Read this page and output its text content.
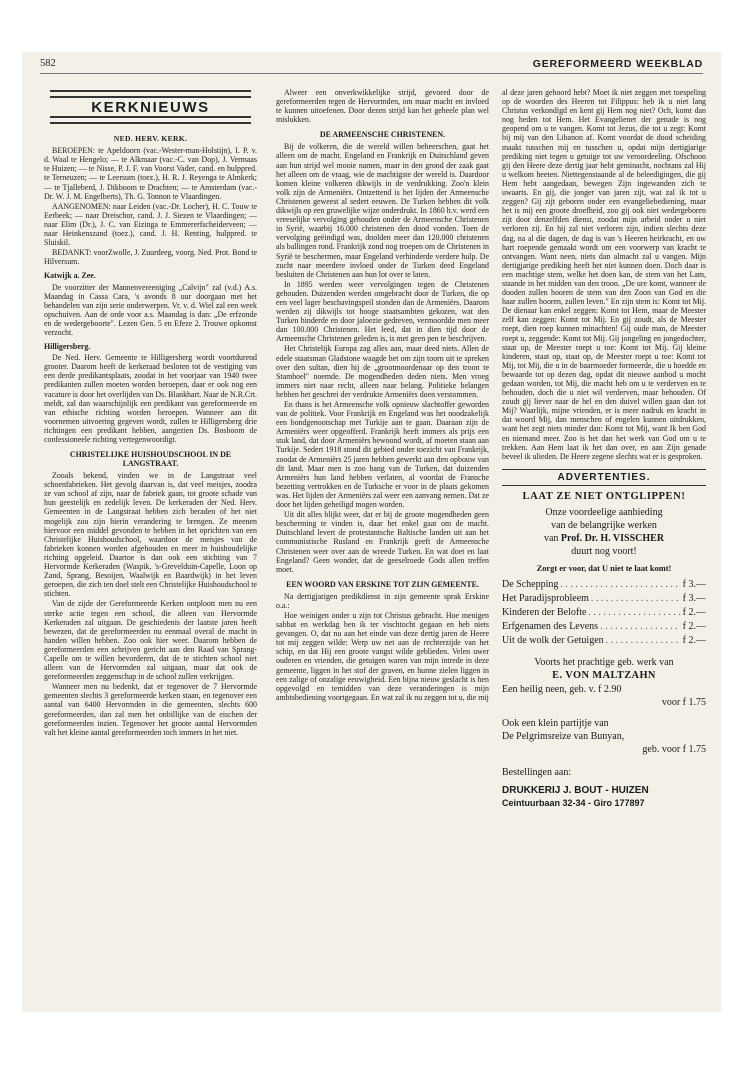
582	GEREFORMEERD WEEKBLAD
KERKNIEUWS
NED. HERV. KERK.

BEROEPEN: te Apeldoorn (vac.-Wester-man-Holstijn), I. P. v. d. Waal te Hengelo; — te Alkmaar (vac.-C. van Dop), J. Vermaas te Huizen; — te Nisse, P. J. F. van Voorst Vader, cand. en hulppred. te Terneuzen; — te Leersum (toez.), H. R. J. Reyenga te Almkerk; — te Tjalleberd, J. Dikboom te Drachten; — te Amsterdam (vac.-Dr. W. J. M. Engelberts), Th. G. Tonnon te Vlaardingen.

AANGENOMEN: naar Leiden (vac.-Dr. Locher), H. C. Touw te Eerbeek; — naar Dreischor, cand. J. J. Siezen te Vlaardingen; — naar Elim (Dr.), J. C. van Eizinga te Emmererfscheiderveen; — naar Heinkenszand (toez.), cand. J. H. Renting, hulppred. te Sluiskil.

BEDANKT: voorZwolle, J. Zuurdeeg, voorg. Ned. Prot. Bond te Hilversum.

Katwijk a. Zee.

De voorzitter der Mannenvereeniging „Calvijn" zal (v.d.) A.s. Maandag in Cassa Cara, 's avonds 8 uur doorgaan met het behandelen van zijn serie onderwerpen. Vr. v. d. Wiel zal een week opschuiven. Aan de orde voor a.s. Maandag is dan: „De erfzonde en de wedergeboorte". Lezen Gen. 5 en Efeze 2. Trouwe opkomst verzocht.

Hilligersberg.

De Ned. Herv. Gemeente te Hilligersberg wordt voortdurend grooter. Daarom heeft de kerkeraad besloten tot de vestiging van een derde predikantsplaats, zoodat in het voorjaar van 1940 twee predikanten zullen moeten worden beroepen, daar er ook nog een vacature is door het overlijden van Ds. Blankhart. Naar de N.R.Crt. meldt, zal dan waarschijnlijk een predikant van gereformeerde en van ethische richting worden beroepen. Wanneer aan dit voornemen uitvoering gegeven wordt, zullen te Hilligersberg drie richtingen een predikant hebben, aangezien Ds. Bosboom de confessioneele richting vertegenwoordigt.

CHRISTELIJKE HUISHOUDSCHOOL IN DE LANGSTRAAT.

Zooals bekend, vinden we in de Langstraat veel schoenfabrieken. Het gevolg daarvan is, dat veel meisjes, zoodra ze van school af zijn, naar de fabriek gaan, tot groote schade van hun geestelijk en zedelijk leven. De kerkeraden der Ned. Herv. Gemeenten in de Langstraat hebben zich beraden of het niet mogelijk zou zijn hierin verandering te brengen. Ze meenen hiervoor een middel gevonden te hebben in het oprichten van een Christelijke Huishoudschool, waardoor de meisjes van de fabrieken konnen worden afgehouden en meer in huishoudelijke richting opgeleid. Daartoe is dan ook een stichting van 7 Hervormde Kerkeraden (Waspik, 's-Grevelduin-Capelle, Loon op Zand, Sprang, Besoijen, Waalwijk en Baardwijk) in het leven geroepen, die zich ten doel stelt een Christelijke Huishoudschool te stichten.

Van de zijde der Gereformeerde Kerken ontploott men nu een sterke actie tegen een school, die alleen van Hervormde Kerkeraden zal uitgaan. De geschiedenis der laatste jaren heeft bewezen, dat de gereformeerden nu eenmaal overal de macht in handen willen hebben. Zoo ook hier weer. Daarom hebben de gereformeerden een schrijven gericht aan den Raad van Sprang-Capelle om te willen bevorderen, dat de te stichten school niet alleen van de Hervormden zal uitgaan, maar dat ook de gereformeerden zeggenschap in de school zullen verkrijgen.

Wanneer men nu bedenkt, dat er tegenover de 7 Hervormde gemeenten slechts 3 gereformeerde kerken staan, en tegenover een aantal van 6400 Hervormden in die gemeenten, slechts 600 gereformeerden, dan zal men het onbillijke van de eischen der gereformeerden inzien. Tegenover het groote aantal Hervormden valt het kleine aantal gereformeerden toch immers in het niet.

Alweer een onverkwikkelijke strijd, gevoerd door de gereformeerden tegen de Hervormden, om maar macht en invloed te kunnen uitoefenen. Door dezen strijd kan het geheele plan wel mislukken.

DE ARMEENSCHE CHRISTENEN.

Bij de volkeren, die de wereld willen beheerschen, gaat het alleen om de macht. Engeland en Frankrijk en Duitschland geven aan hun strijd wel mooie namen, maar in den grond der zaak gaat het alleen om de vraag, wie de machtigste der wereld is. Daardoor komen kleine volkeren dikwijls in de verdrukking. Zoo'n klein volk zijn de Armeniërs. Ontzettend is het lijden der Armeensche Christenen geweest al sedert eeuwen. De Turken hebben dit volk dikwijls op een gruwelijke wijze onderdrukt. In 1860 h.v. werd een vreeselijke vervolging gehouden onder de Armeensche Christenen in Syrië, waarbij 16.000 christenen den dood vonden. Toen de vervolging geëindigd was, doolden meer dan 120.000 christenen als ballingen rond. Frankrijk zond nog troepen om de Christenen in Syrië te beschermen, maar Engeland verhinderde verdere hulp. De zucht naar meerdere invloed onder de Turken deed Engeland besluiten de Christenen aan hun lot over te laten.

In 1895 werden weer vervolgingen tegen de Christenen gehouden. Duizenden werden omgebracht door de Turken, die op een veel lager beschavingspeil stonden dan de Armeniërs. Daarom werden zij dikwijls tot hooge staatsambten gekozen, wat den Turken hinderde en door jaloezie gedreven, vermoordde men meer dan 100.000 Christenen. Het leed, dat in dien tijd door de Armeensche Christenen geleden is, is met geen pen te beschrijven.

Het Christelijk Europa zag alles aan, maar deed niets. Allen de edele staatsman Gladstone waagde het om zijn toorn uit te spreken over den sultan, dien hij de „grootmoordenaar op den troon te Stamboel" noemde. De mogendheden deden niets. Men vroeg immers niet naar recht, alleen naar belang. Politieke belangen hebben het geschrei der verdrukte Armeniërs doen verstommen.

En thans is het Armeensche volk opnieuw slachtoffer geworden van de politiek. Voor Frankrijk en Engeland was het noodzakelijk een bondgenootschap met Turkije aan te gaan. Daaraan zijn de Armeniërs weer opgeofferd. Frankrijk heeft immers als prijs een stuk land, dat door Armeniërs bewoond wordt, af moeten staan aan Turkije. Sedert 1918 stond dit gebied onder toezicht van Frankrijk, zoodat de Armeniërs 25 jaren hebben gewerkt aan den opbouw van dit land. Maar men is zoo bang van de Turken, dat duizenden Armeniërs hun land hebben verlaten, al voordat de Fransche bezetting vertrokken en de Turksche er voor in de plaats gekomen was. Het lijden der Armeniërs zal weer een aanvang nemen. Dat ze door het lijden geheiligd mogen worden.

Uit dit alles blijkt weer, dat er bij de groote mogendheden geen bescherming te vinden is, daar het enkel gaat om de macht. Duitschland levert de protestantsche Baltische landen uit aan het communistische Rusland en Frankrijk geeft de Armeensche Christenen weer over aan de wreede Turken. En wat doet en laat Engeland? Geen wonder, dat de geeselroede Gods allen treffen moet.

EEN WOORD VAN ERSKINE TOT ZIJN GEMEENTE.

Na dertigjarigen predikdienst in zijn gemeente sprak Erskine o.a.:

Hoe weinigen onder u zijn tot Christus gebracht. Hoe menigen sabbat en werkdag ben ik ter vischtocht gegaan en heb niets gevangen. O, dat nu aan het einde van deze dertig jaren de Heere tot mij zeggen wilde: Werp uw net aan de rechterzijde van het schip, en dat Hij een groote vangst wilde geblieden. Velen uwer ouderen en vrienden, die getuigen waren van mijn intrede in deze gemeente, liggen in het stof der graven, en hunne zielen liggen in een zalige of onzalige eeuwigheid. Een bijna nieuw geslacht is hen opgevolgd en temidden van deze veranderingen is mijn ambtsbediening voortgegaan. En wat zal ik nu zeggen tot u, die mij

al deze jaren gehoord hebt? Moet ik niet zeggen met toespeling op de woorden des Heeren tot Filippus: heb ik u niet lang Christus verkondigd en kent gij Hem nog niet? Och, komt dan nog heden tot Hem. Het Evangelienet der genade is nog geopend om u te vangen. Komt tot Jezus, die tot u zegt: Komt bij mij van den Libanon af. Komt voordat de dood scheiding maakt tusschen mij en tusschen u, opdat mijn dertigjarige prediking niet tegen u getuige tot uw veroordeeling. Ofschoon gij den Heere deze dertig jaar hebt geminacht, nochtans zal Hij u welkom heeten. Niettegenstaande al de beleedigingen, die gij Hem hebt aangedaan, bewegen Zijn ingewanden zich te uwaarts. En gij, die jonger van jaren zijt, wat zal ik tot u zeggen? Gij zijt geboren onder een evangeliebediening, maar het is mij een groote droefheid, zoo gij ook niet wedergeboren zijt door denzelfden dienst, zoodat mijn arbeid onder u niet verloren zij. En hij zal niet verloren zijn, indien slechts deze dag, na al die dagen, de dag is van 's Heeren heirkracht, en uw hart roepende gemaakt wordt om een voorwerp van kracht te ontvangen. Want neen, niets dan almacht zal u vangen. Mijn dertigjarige prediking heeft het niet kunnen doen. Doch daar is een machtige stem, welke het doen kan, de stem van het Lam, staande in het midden van den troon. „De ure komt, wanneer de dooden zullen hooren de stem van den Zoon van God en die haar zullen hooren, zullen leven." En zijn stem is: Komt tot Mij. De dienaar kan enkel zeggen: Komt tot Hem, maar de Meester zelf kan zeggen: Komt tot Mij. En gij zoudt, als de Meester roept, dien roep kunnen minachten! Gij oude man, de Meester roept u, zeggende: Komt tot Mij. Gij jongeling en jongedochter, staat op, de Meester roept u toe: Komt tot Mij. Gij kleine kinderen, staat op, staat op, de Meester roept u toe: Komt tot Mij, tot Mij, die u in de baarmoeder formeerde, die u hoedde en bewaarde tot op dezen dag, opdat dit nieuwe aanbod u mocht gedaan worden, tot Mij, die macht heb om u te verderven en te behouden, doch die u niet wil verderven, maar behouden. Of zoudt gij liever naar de hel en den duivel willen gaan dan tot Mij? Waarlijk, mijne vrienden, er is meer nadruk en kracht in dat woord Mij, dan menschen of engelen kunnen uitdrukken, want het zegt niets minder dan: Komt tot Mij, want Ik ben God en niemand meer. Zoo is het dan het werk van God om u te trekken. Aan Hem laat ik het dan over, en aan Zijn genade beveel ik ulieden. De Heere zegene slechts wat er is gesproken.

ADVERTENTIES.
LAAT ZE NIET ONTGLIPPEN!
Onze voordeelige aanbieding
van de belangrijke werken
van Prof. Dr. H. VISSCHER
duurt nog voort!
Zorgt er voor, dat U niet te laat komt!
De Schepping . . .	f 3.—
Het Paradijsprobleem . . .	f 3.—
Kinderen der Belofte . . .	f 2.—
Erfgenamen des Levens . . .	f 2.—
Uit de wolk der Getuigen . . .	f 2.—
Voorts het prachtige geb. werk van
E. VON MALTZAHN
Een heilig neen, geb. v. f 2.90
voor f 1.75
Ook een klein partijtje van
De Pelgrimsreize van Bunyan,
geb. voor f 1.75
Bestellingen aan:
DRUKKERIJ J. BOUT - HUIZEN
Ceintuurbaan 32-34 - Giro 177897
